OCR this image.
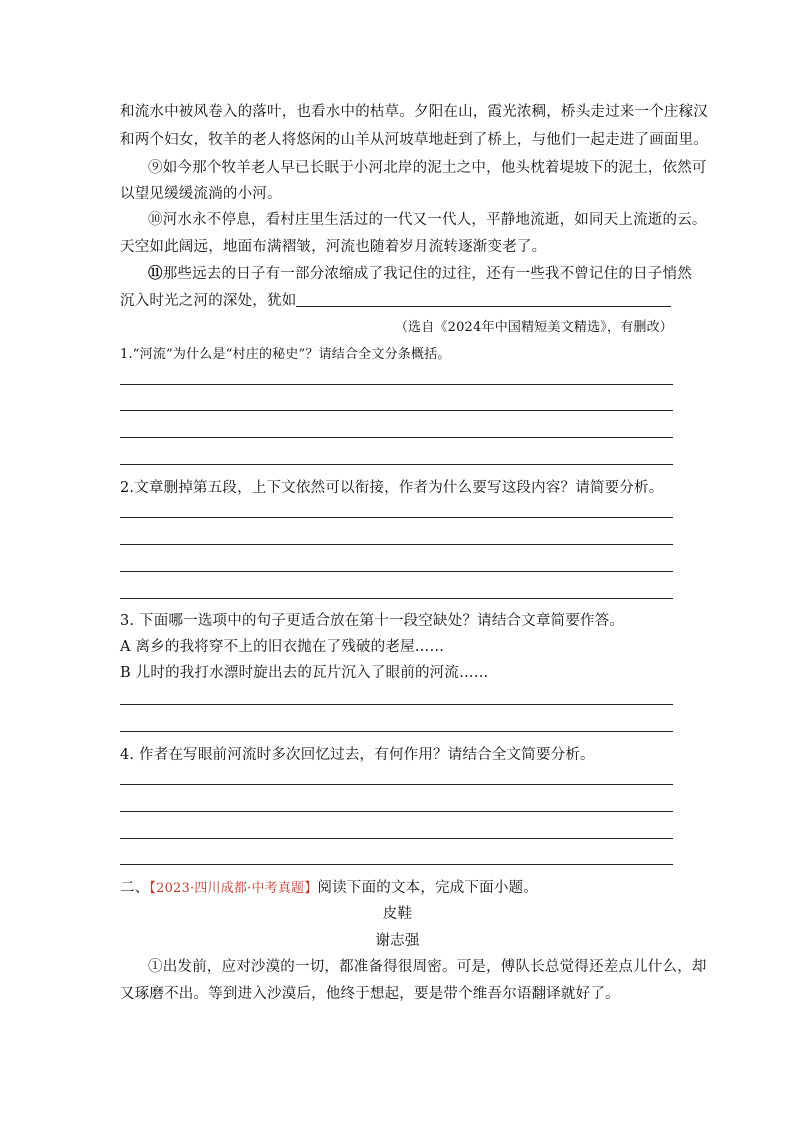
和流水中被风卷入的落叶，也看水中的枯草。夕阳在山，霞光浓稠，桥头走过来一个庄稼汉
和两个妇女，牧羊的老人将悠闲的山羊从河坡草地赶到了桥上，与他们一起走进了画面里。
⑨如今那个牧羊老人早已长眠于小河北岸的泥土之中，他头枕着堤坡下的泥土，依然可
以望见缓缓流淌的小河。
⑩河水永不停息，看村庄里生活过的一代又一代人，平静地流逝，如同天上流逝的云。
天空如此阔远，地面布满褶皱，河流也随着岁月流转逐渐变老了。
⑪那些远去的日子有一部分浓缩成了我记住的过往，还有一些我不曾记住的日子悄然
沉入时光之河的深处，犹如
（选自《2024年中国精短美文精选》，有删改）
1.“河流”为什么是“村庄的秘史”？请结合全文分条概括。
2.文章删掉第五段，上下文依然可以衔接，作者为什么要写这段内容？请简要分析。
3. 下面哪一选项中的句子更适合放在第十一段空缺处？请结合文章简要作答。
A 离乡的我将穿不上的旧衣抛在了残破的老屋……
B 儿时的我打水漂时旋出去的瓦片沉入了眼前的河流……
4. 作者在写眼前河流时多次回忆过去，有何作用？请结合全文简要分析。
二、【2023·四川成都·中考真题】阅读下面的文本，完成下面小题。
皮鞋
谢志强
①出发前，应对沙漠的一切，都准备得很周密。可是，傅队长总觉得还差点儿什么，却
又琢磨不出。等到进入沙漠后，他终于想起，要是带个维吾尔语翻译就好了。
